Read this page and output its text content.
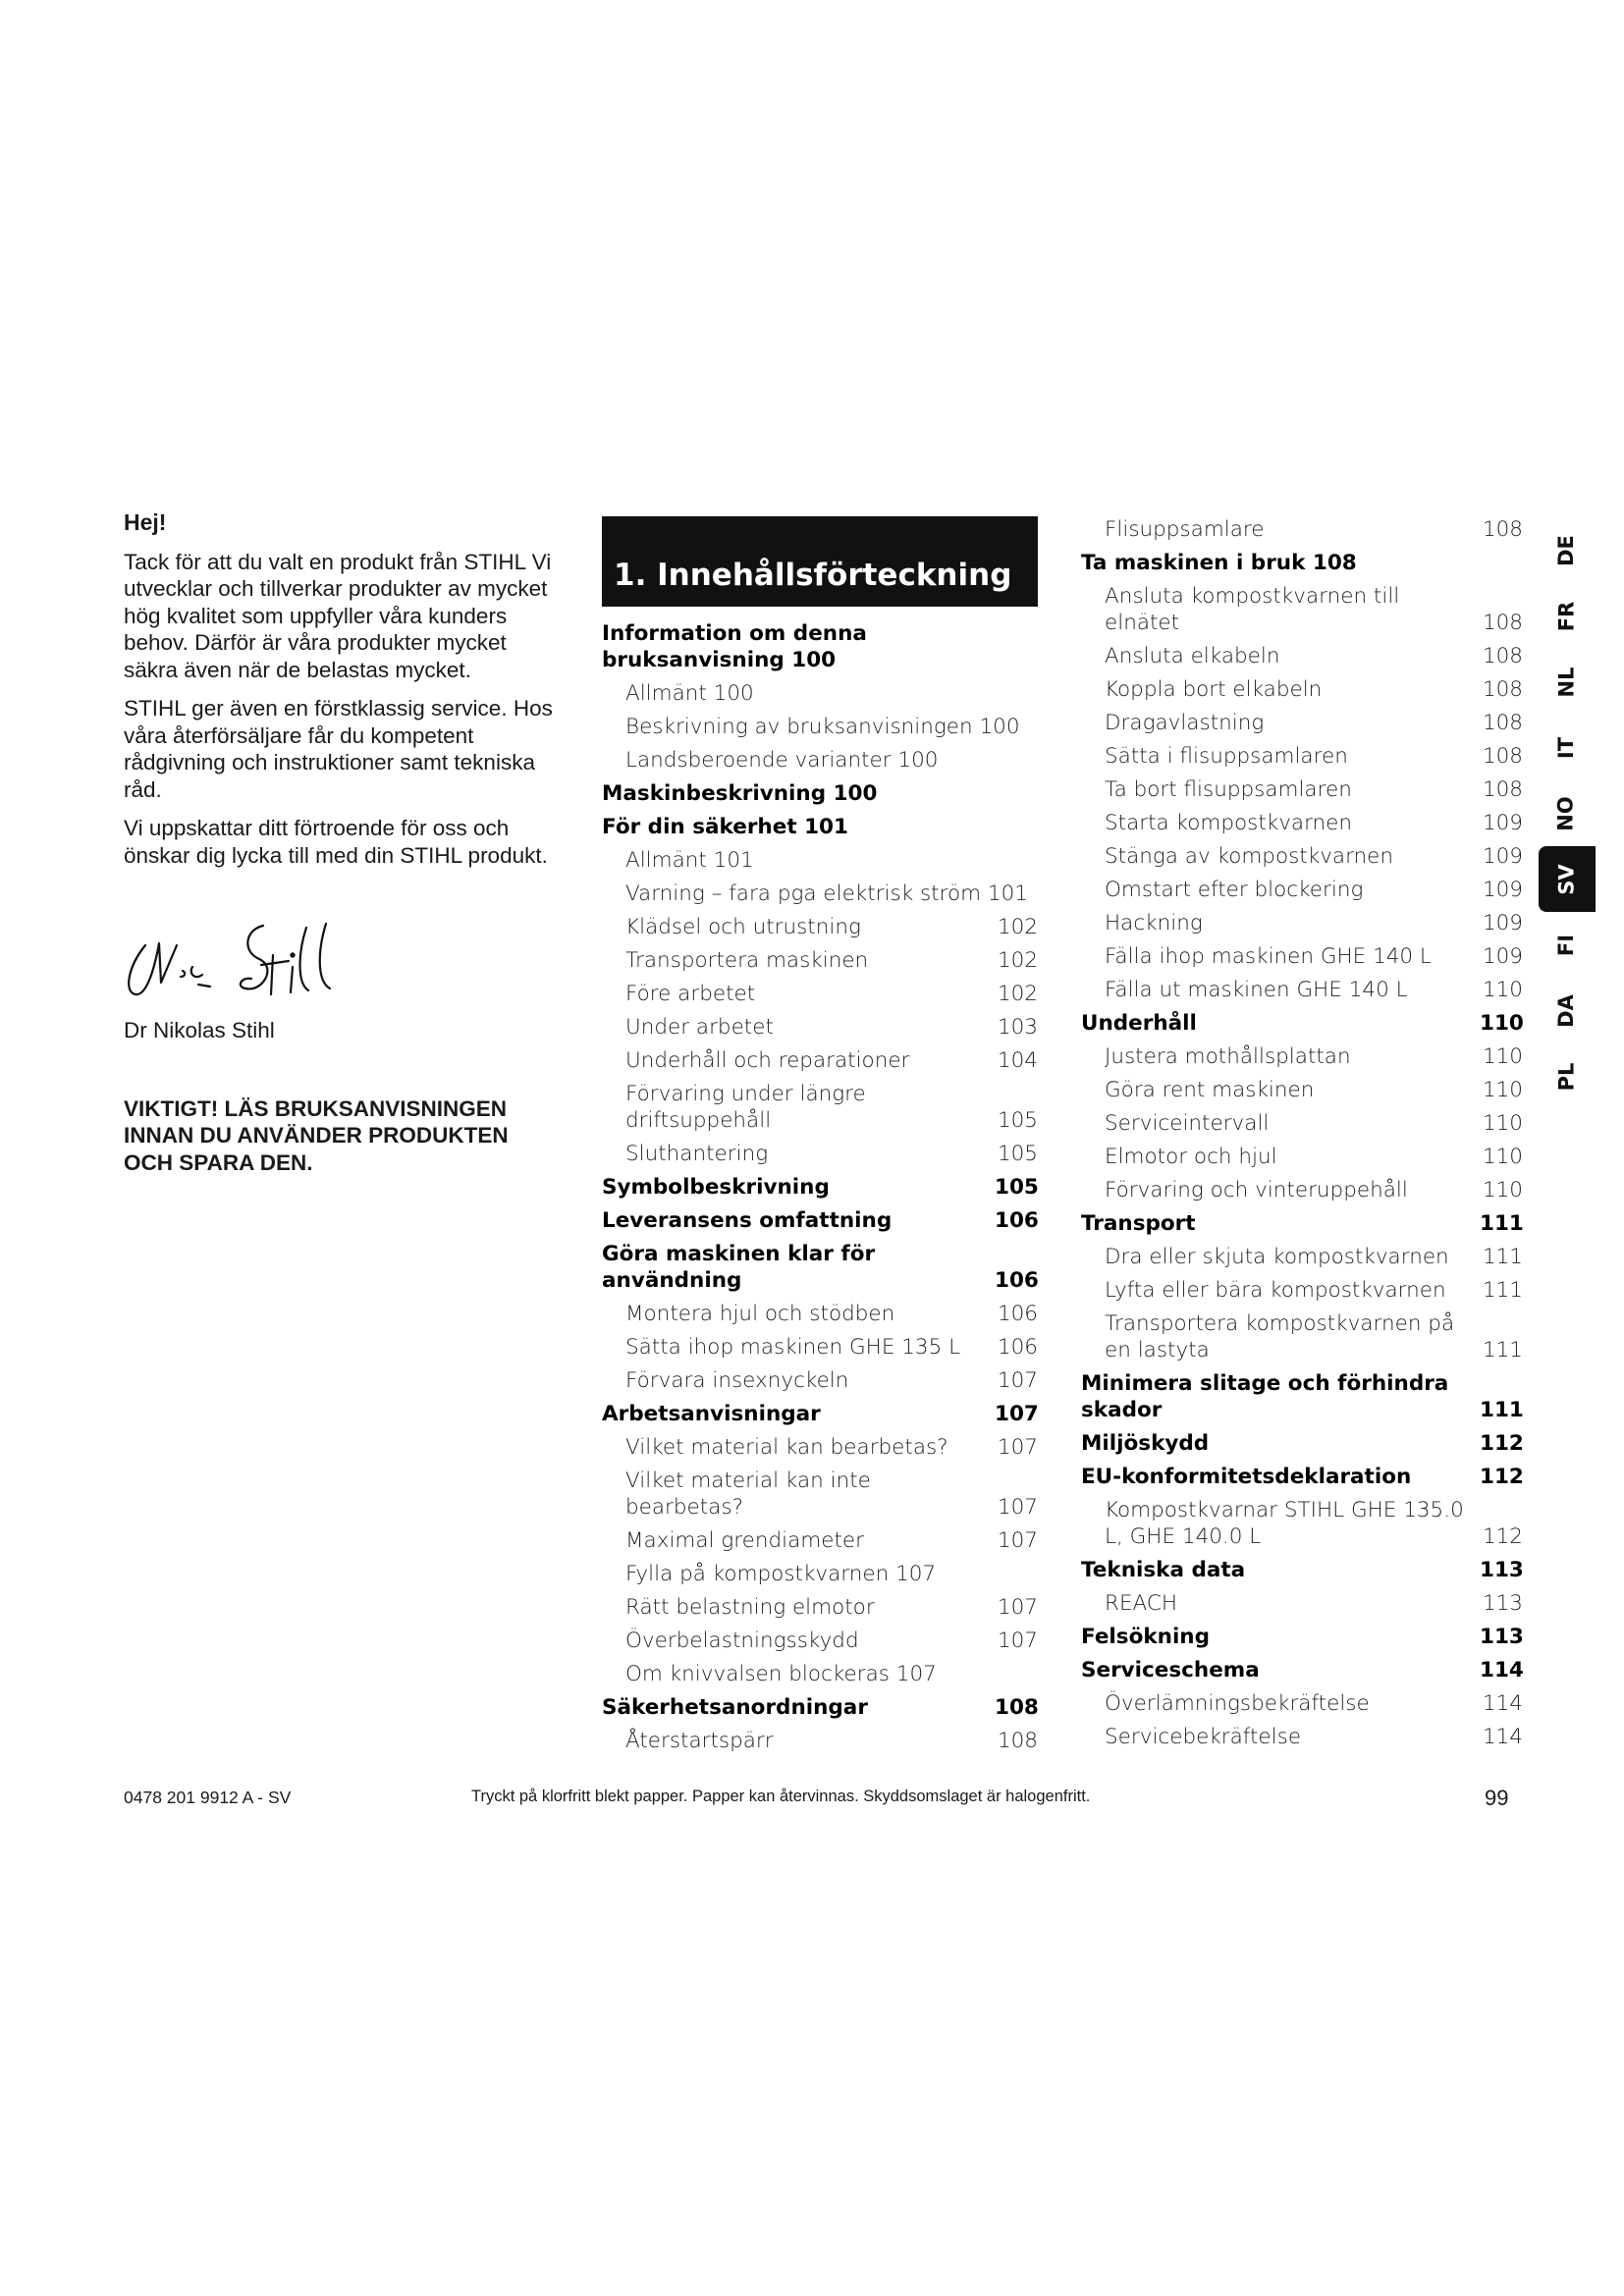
Hej!

Tack för att du valt en produkt från STIHL Vi utvecklar och tillverkar produkter av mycket hög kvalitet som uppfyller våra kunders behov. Därför är våra produkter mycket säkra även när de belastas mycket.

STIHL ger även en förstklassig service. Hos våra återförsäljare får du kompetent rådgivning och instruktioner samt tekniska råd.

Vi uppskattar ditt förtroende för oss och önskar dig lycka till med din STIHL produkt.

Dr Nikolas Stihl

VIKTIGT! LÄS BRUKSANVISNINGEN INNAN DU ANVÄNDER PRODUKTEN OCH SPARA DEN.

1. Innehållsförteckning
Information om denna bruksanvisning 100
Allmänt 100
Beskrivning av bruksanvisningen 100
Landsberoende varianter 100
Maskinbeskrivning 100
För din säkerhet 101
Allmänt 101
Varning – fara pga elektrisk ström 101
Klädsel och utrustning	102
Transportera maskinen	102
Före arbetet	102
Under arbetet	103
Underhåll och reparationer	104
Förvaring under längre driftsuppehåll	105
Sluthantering	105
Symbolbeskrivning	105
Leveransens omfattning	106
Göra maskinen klar för användning	106
Montera hjul och stödben	106
Sätta ihop maskinen GHE 135 L	106
Förvara insexnyckeln	107
Arbetsanvisningar	107
Vilket material kan bearbetas?	107
Vilket material kan inte bearbetas?	107
Maximal grendiameter	107
Fylla på kompostkvarnen 107
Rätt belastning elmotor	107
Överbelastningsskydd	107
Om knivvalsen blockeras 107
Säkerhetsanordningar	108
Återstartspärr	108
Flisuppsamlare	108
Ta maskinen i bruk 108
Ansluta kompostkvarnen till elnätet	108
Ansluta elkabeln	108
Koppla bort elkabeln	108
Dragavlastning	108
Sätta i flisuppsamlaren	108
Ta bort flisuppsamlaren	108
Starta kompostkvarnen	109
Stänga av kompostkvarnen	109
Omstart efter blockering	109
Hackning	109
Fälla ihop maskinen GHE 140 L	109
Fälla ut maskinen GHE 140 L	110
Underhåll	110
Justera mothållsplattan	110
Göra rent maskinen	110
Serviceintervall	110
Elmotor och hjul	110
Förvaring och vinteruppehåll	110
Transport	111
Dra eller skjuta kompostkvarnen	111
Lyfta eller bära kompostkvarnen	111
Transportera kompostkvarnen på en lastyta	111
Minimera slitage och förhindra skador	111
Miljöskydd	112
EU-konformitetsdeklaration	112
Kompostkvarnar STIHL GHE 135.0 L, GHE 140.0 L	112
Tekniska data	113
REACH	113
Felsökning	113
Serviceschema	114
Överlämningsbekräftelse	114
Servicebekräftelse	114
DE
FR
NL
IT
NO
SV
FI
DA
PL
0478 201 9912 A - SV	Tryckt på klorfritt blekt papper. Papper kan återvinnas. Skyddsomslaget är halogenfritt.	99
